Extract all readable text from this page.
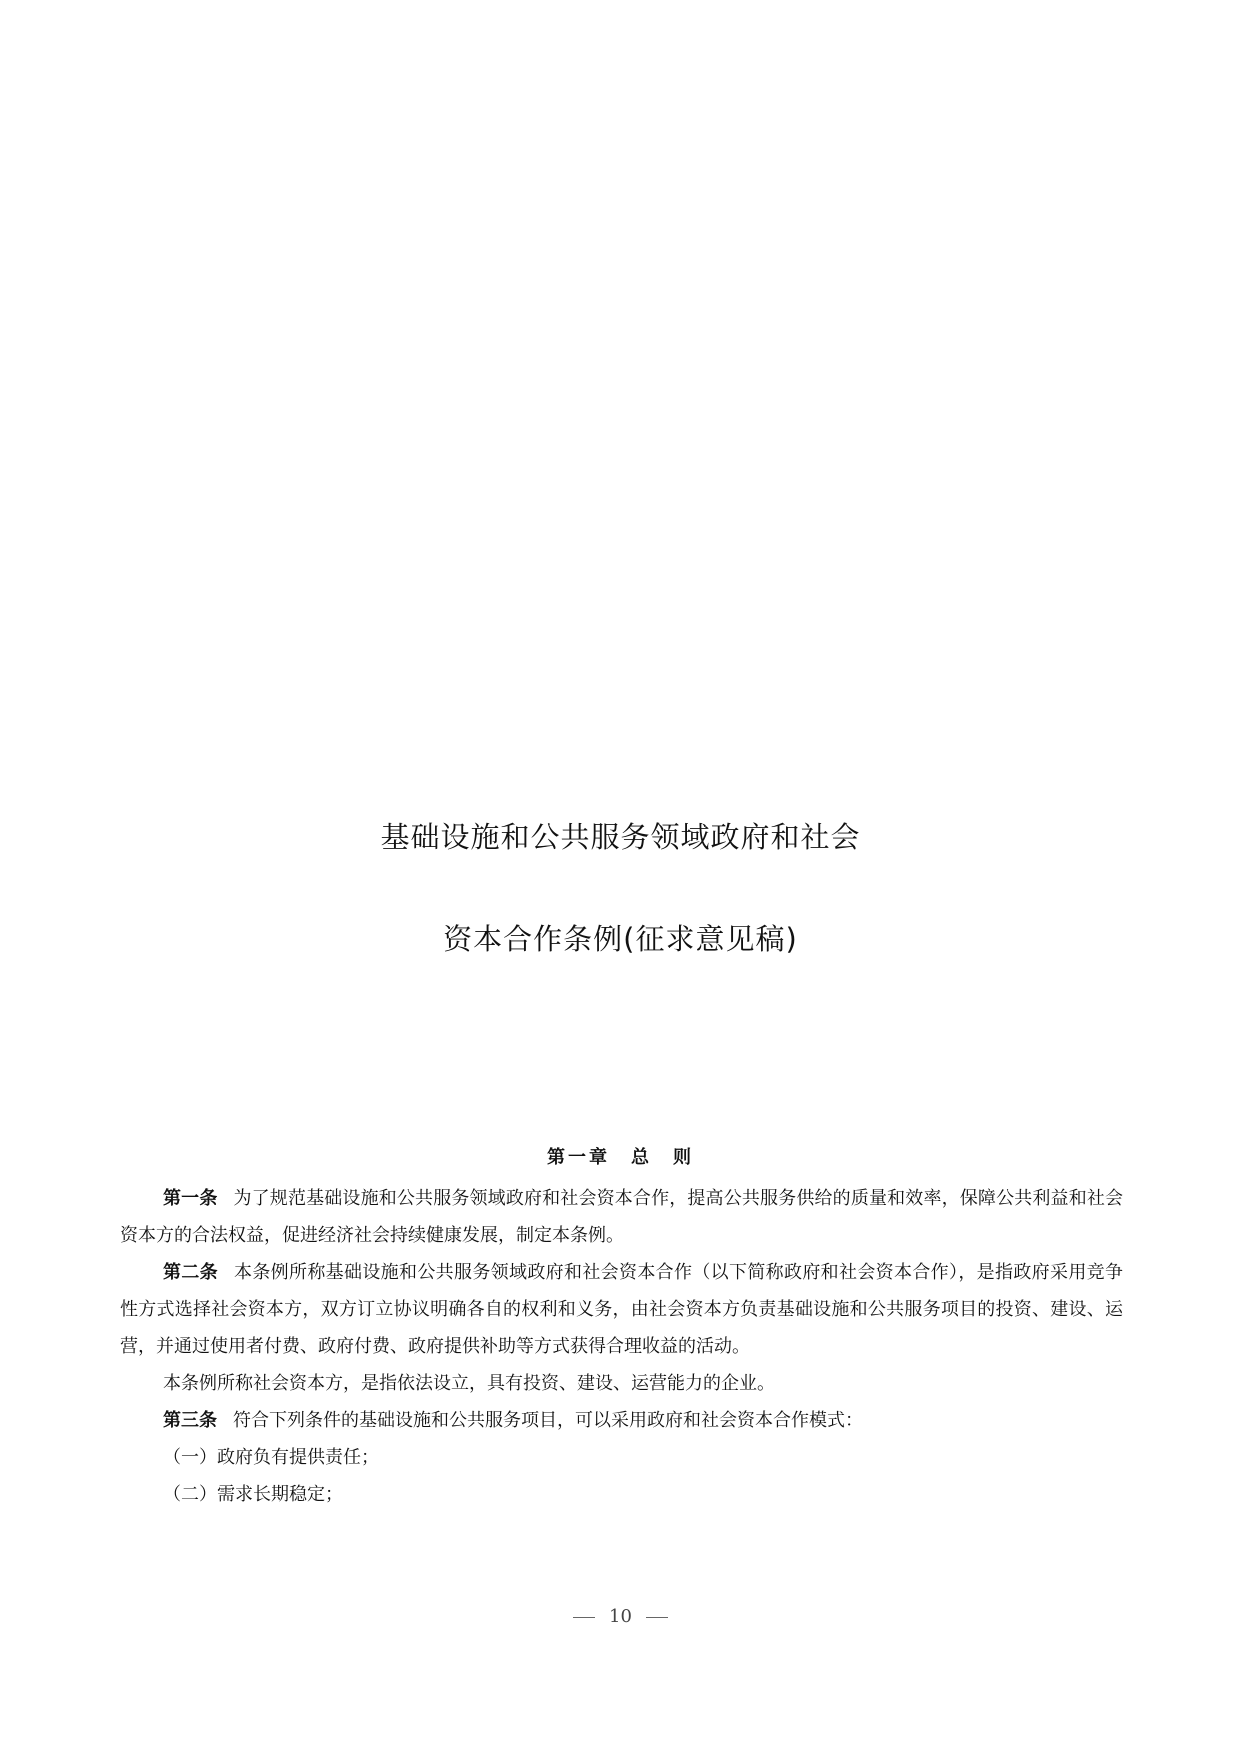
基础设施和公共服务领域政府和社会
资本合作条例(征求意见稿)
第一章　总　则

第一条 为了规范基础设施和公共服务领域政府和社会资本合作，提高公共服务供给的质量和效率，保障公共利益和社会资本方的合法权益，促进经济社会持续健康发展，制定本条例。

第二条 本条例所称基础设施和公共服务领域政府和社会资本合作（以下简称政府和社会资本合作），是指政府采用竞争性方式选择社会资本方，双方订立协议明确各自的权利和义务，由社会资本方负责基础设施和公共服务项目的投资、建设、运营，并通过使用者付费、政府付费、政府提供补助等方式获得合理收益的活动。

本条例所称社会资本方，是指依法设立，具有投资、建设、运营能力的企业。

第三条 符合下列条件的基础设施和公共服务项目，可以采用政府和社会资本合作模式：

（一）政府负有提供责任；

（二）需求长期稳定；

10
